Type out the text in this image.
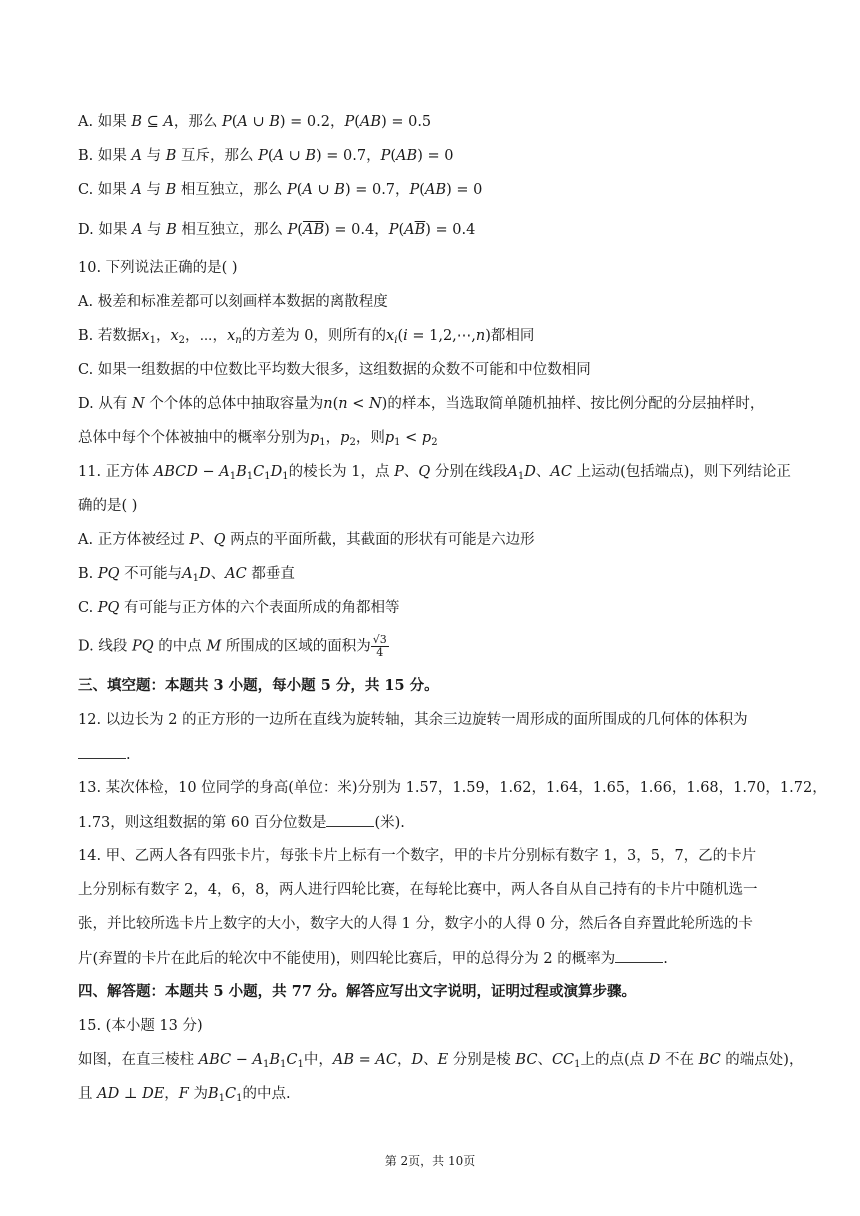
A. 如果 B ⊆ A，那么 P(A ∪ B) = 0.2，P(AB) = 0.5
B. 如果 A 与 B 互斥，那么 P(A ∪ B) = 0.7，P(AB) = 0
C. 如果 A 与 B 相互独立，那么 P(A ∪ B) = 0.7，P(AB) = 0
D. 如果 A 与 B 相互独立，那么 $P(\overline{A}\overline{B}) = 0.4$，$P(A\overline{B}) = 0.4$
10. 下列说法正确的是( )
A. 极差和标准差都可以刻画样本数据的离散程度
B. 若数据$x_1$，$x_2$，⋯，$x_n$的方差为 0，则所有的$x_i(i$ = 1,2,⋯,n)都相同
C. 如果一组数据的中位数比平均数大很多，这组数据的众数不可能和中位数相同
D. 从有 N 个个体的总体中抽取容量为n(n < N)的样本，当选取简单随机抽样、按比例分配的分层抽样时，
总体中每个个体被抽中的概率分别为$p_1$，$p_2$，则$p_1 < p_2$
11. 正方体 ABCD − $A_1B_1C_1D_1$的棱长为 1，点 P、Q 分别在线段$A_1D$、AC 上运动(包括端点)，则下列结论正
确的是( )
A. 正方体被经过 P、Q 两点的平面所截，其截面的形状有可能是六边形
B. PQ 不可能与$A_1D$、AC 都垂直
C. PQ 有可能与正方体的六个表面所成的角都相等
D. 线段 PQ 的中点 M 所围成的区域的面积为 $\frac{√3}{4}$
三、填空题：本题共 3 小题，每小题 5 分，共 15 分。
12. 以边长为 2 的正方形的一边所在直线为旋转轴，其余三边旋转一周形成的面所围成的几何体的体积为
.
13. 某次体检，10 位同学的身高(单位：米)分别为 1.57，1.59，1.62，1.64，1.65，1.66，1.68，1.70，1.72，
1.73，则这组数据的第 60 百分位数是	(米).
14. 甲、乙两人各有四张卡片，每张卡片上标有一个数字，甲的卡片分别标有数字 1，3，5，7，乙的卡片
上分别标有数字 2，4，6，8，两人进行四轮比赛，在每轮比赛中，两人各自从自己持有的卡片中随机选一
张，并比较所选卡片上数字的大小，数字大的人得 1 分，数字小的人得 0 分，然后各自弃置此轮所选的卡
片(弃置的卡片在此后的轮次中不能使用)，则四轮比赛后，甲的总得分为 2 的概率为	.
四、解答题：本题共 5 小题，共 77 分。解答应写出文字说明，证明过程或演算步骤。
15. (本小题 13 分)
如图，在直三棱柱 ABC − $A_1B_1C_1$中，AB = AC，D、E 分别是棱 BC、$CC_1$上的点(点 D 不在 BC 的端点处)，
且 AD ⊥ DE，F 为$B_1C_1$的中点.
第 2页，共 10页
